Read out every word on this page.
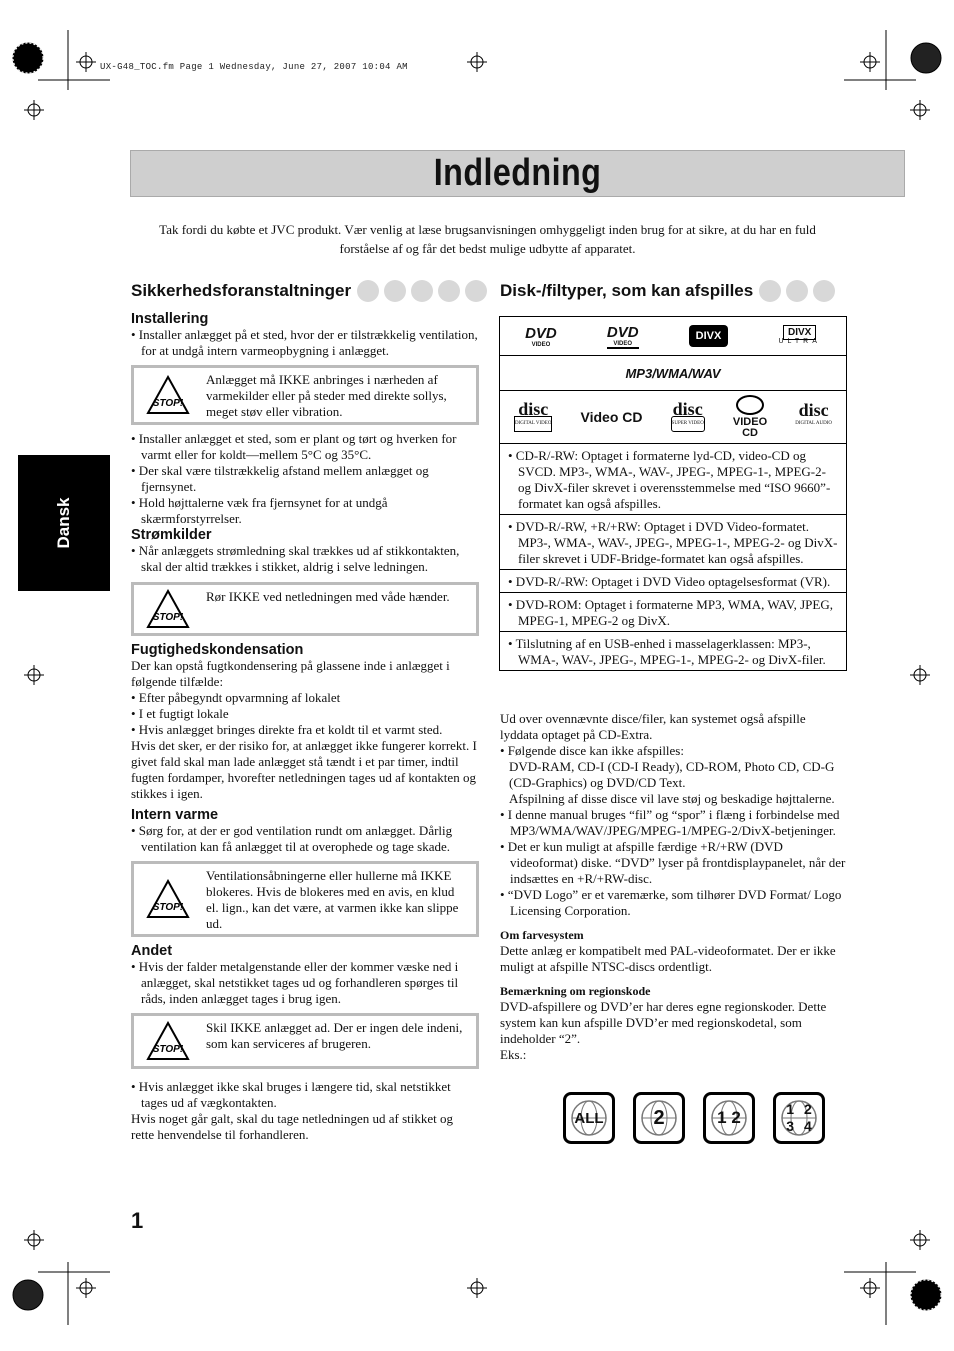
UX-G48_TOC.fm Page 1 Wednesday, June 27, 2007 10:04 AM
Indledning
Tak fordi du købte et JVC produkt. Vær venlig at læse brugsanvisningen omhyggeligt inden brug for at sikre, at du har en fuld forståelse af og får det bedst mulige udbytte af apparatet.
Dansk
Sikkerhedsforanstaltninger
Installering

• Installer anlægget på et sted, hvor der er tilstrækkelig ventilation, for at undgå intern varmeopbygning i anlægget.

STOP!
Anlægget må IKKE anbringes i nærheden af varmekilder eller på steder med direkte sollys, meget støv eller vibration.

• Installer anlægget et sted, som er plant og tørt og hverken for varmt eller for koldt—mellem 5°C og 35°C.

• Der skal være tilstrækkelig afstand mellem anlægget og fjernsynet.

• Hold højttalerne væk fra fjernsynet for at undgå skærmforstyrrelser.

Strømkilder

• Når anlæggets strømledning skal trækkes ud af stikkontakten, skal der altid trækkes i stikket, aldrig i selve ledningen.

STOP!
Rør IKKE ved netledningen med våde hænder.
Fugtighedskondensation

Der kan opstå fugtkondensering på glassene inde i anlægget i følgende tilfælde:

• Efter påbegyndt opvarmning af lokalet

• I et fugtigt lokale

• Hvis anlægget bringes direkte fra et koldt til et varmt sted.

Hvis det sker, er der risiko for, at anlægget ikke fungerer korrekt. I givet fald skal man lade anlægget stå tændt i et par timer, indtil fugten fordamper, hvorefter netledningen tages ud af kontakten og stikkes i igen.

Intern varme

• Sørg for, at der er god ventilation rundt om anlægget. Dårlig ventilation kan få anlægget til at overophede og tage skade.

STOP!
Ventilationsåbningerne eller hullerne må IKKE blokeres. Hvis de blokeres med en avis, en klud el. lign., kan det være, at varmen ikke kan slippe ud.
Andet

• Hvis der falder metalgenstande eller der kommer væske ned i anlægget, skal netstikket tages ud og forhandleren spørges til råds, inden anlægget tages i brug igen.

STOP!
Skil IKKE anlægget ad. Der er ingen dele indeni, som kan serviceres af brugeren.

• Hvis anlægget ikke skal bruges i længere tid, skal netstikket tages ud af vægkontakten.

Hvis noget går galt, skal du tage netledningen ud af stikket og rette henvendelse til forhandleren.

Disk-/filtyper, som kan afspilles
DVD
VIDEO
DVD
VIDEO
DIVX	DIVX
ULTRA
MP3/WMA/WAV
disc
DIGITAL VIDEO Video CD disc
SUPER VIDEO	VIDEO
CD
disc
DIGITAL AUDIO
• CD-R/-RW: Optaget i formaterne lyd-CD, video-CD og SVCD. MP3-, WMA-, WAV-, JPEG-, MPEG-1-, MPEG-2- og DivX-filer skrevet i overensstemmelse med “ISO 9660”-formatet kan også afspilles.
• DVD-R/-RW, +R/+RW: Optaget i DVD Video-formatet. MP3-, WMA-, WAV-, JPEG-, MPEG-1-, MPEG-2- og DivX-filer skrevet i UDF-Bridge-formatet kan også afspilles.
• DVD-R/-RW: Optaget i DVD Video optagelsesformat (VR).
• DVD-ROM: Optaget i formaterne MP3, WMA, WAV, JPEG, MPEG-1, MPEG-2 og DivX.
• Tilslutning af en USB-enhed i masselagerklassen: MP3-, WMA-, WAV-, JPEG-, MPEG-1-, MPEG-2- og DivX-filer.

Ud over ovennævnte disce/filer, kan systemet også afspille lyddata optaget på CD-Extra.

• Følgende disce kan ikke afspilles:

DVD-RAM, CD-I (CD-I Ready), CD-ROM, Photo CD, CD-G (CD-Graphics) og DVD/CD Text.

Afspilning af disse disce vil lave støj og beskadige højttalerne.

• I denne manual bruges “fil” og “spor” i flæng i forbindelse med MP3/WMA/WAV/JPEG/MPEG-1/MPEG-2/DivX-betjeninger.

• Det er kun muligt at afspille færdige +R/+RW (DVD videoformat) diske. “DVD” lyser på frontdisplaypanelet, når der indsættes en +R/+RW-disc.

• “DVD Logo” er et varemærke, som tilhører DVD Format/ Logo Licensing Corporation.

Om farvesystem

Dette anlæg er kompatibelt med PAL-videoformatet. Der er ikke muligt at afspille NTSC-discs ordentligt.

Bemærkning om regionskode

DVD-afspillere og DVD’er har deres egne regionskoder. Dette system kan kun afspille DVD’er med regionskodetal, som indeholder “2”.

Eks.:

ALL 2	1 2	1 2 3 4
1
